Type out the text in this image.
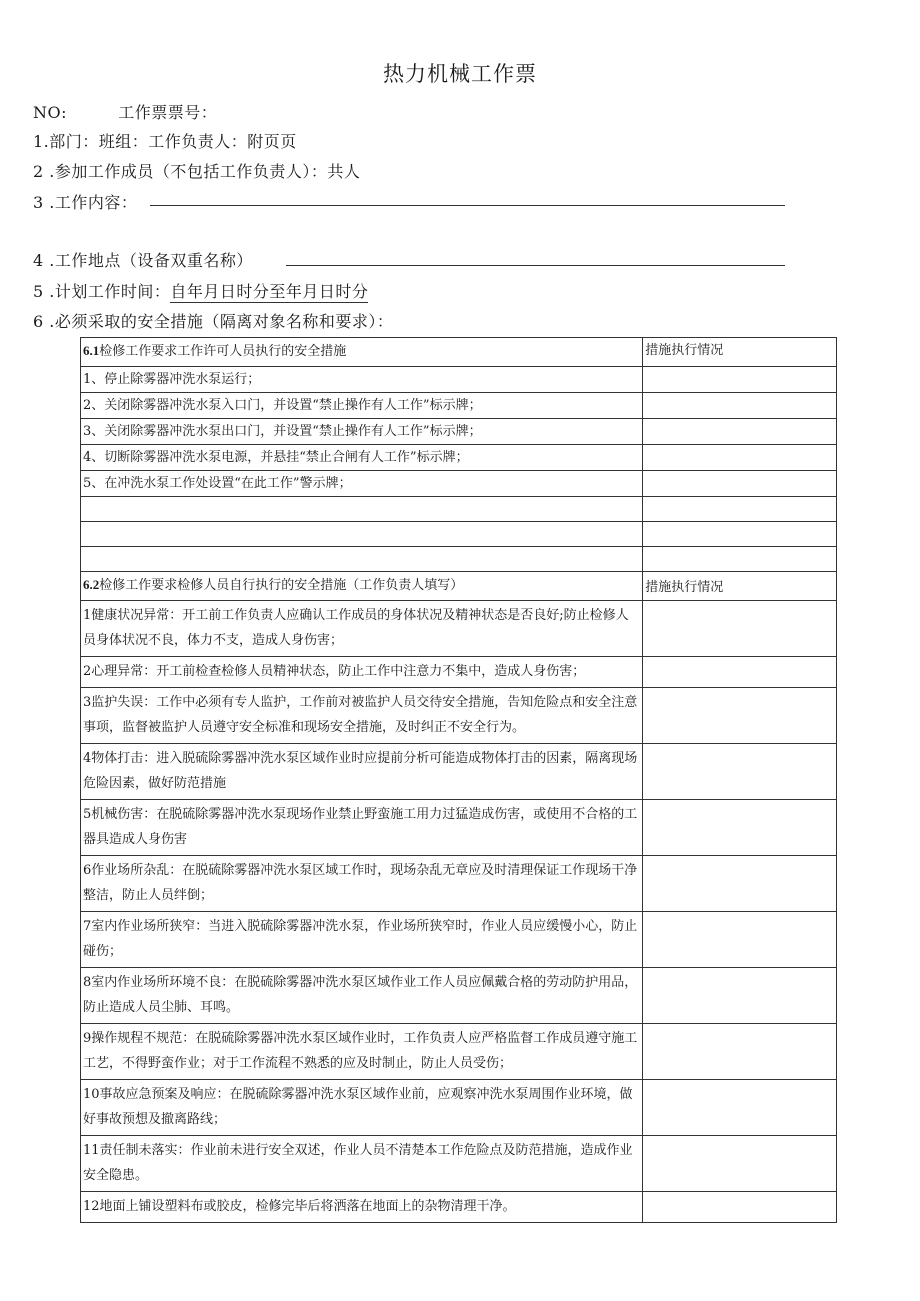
热力机械工作票
NO:	工作票票号：
1.部门：班组：工作负责人：附页页
2 .参加工作成员（不包括工作负责人）：共人
3 .工作内容：
4 .工作地点（设备双重名称）
5 .计划工作时间：自年月日时分至年月日时分
6 .必须采取的安全措施（隔离对象名称和要求）：
6.1检修工作要求工作许可人员执行的安全措施	措施执行情况
1、停止除雾器冲洗水泵运行；	
2、关闭除雾器冲洗水泵入口门，并设置“禁止操作有人工作”标示牌；	
3、关闭除雾器冲洗水泵出口门，并设置“禁止操作有人工作”标示牌；	
4、切断除雾器冲洗水泵电源，并悬挂“禁止合闸有人工作”标示牌；	
5、在冲洗水泵工作处设置“在此工作”警示牌；	

6.2检修工作要求检修人员自行执行的安全措施（工作负责人填写）	措施执行情况
1健康状况异常：开工前工作负责人应确认工作成员的身体状况及精神状态是否良好;防止检修人员身体状况不良，体力不支，造成人身伤害；	
2心理异常：开工前检查检修人员精神状态，防止工作中注意力不集中，造成人身伤害；	
3监护失误：工作中必须有专人监护，工作前对被监护人员交待安全措施，告知危险点和安全注意事项，监督被监护人员遵守安全标准和现场安全措施，及时纠正不安全行为。	
4物体打击：进入脱硫除雾器冲洗水泵区域作业时应提前分析可能造成物体打击的因素，隔离现场危险因素，做好防范措施	
5机械伤害：在脱硫除雾器冲洗水泵现场作业禁止野蛮施工用力过猛造成伤害，或使用不合格的工器具造成人身伤害	
6作业场所杂乱：在脱硫除雾器冲洗水泵区域工作时，现场杂乱无章应及时清理保证工作现场干净整洁，防止人员绊倒；	
7室内作业场所狭窄：当进入脱硫除雾器冲洗水泵，作业场所狭窄时，作业人员应缓慢小心，防止碰伤；	
8室内作业场所环境不良：在脱硫除雾器冲洗水泵区域作业工作人员应佩戴合格的劳动防护用品，防止造成人员尘肺、耳鸣。	
9操作规程不规范：在脱硫除雾器冲洗水泵区域作业时，工作负责人应严格监督工作成员遵守施工工艺，不得野蛮作业；对于工作流程不熟悉的应及时制止，防止人员受伤；	
10事故应急预案及响应：在脱硫除雾器冲洗水泵区域作业前，应观察冲洗水泵周围作业环境，做好事故预想及撤离路线；	
11责任制未落实：作业前未进行安全双述，作业人员不清楚本工作危险点及防范措施，造成作业安全隐患。	
12地面上铺设塑料布或胶皮，检修完毕后将洒落在地面上的杂物清理干净。	
